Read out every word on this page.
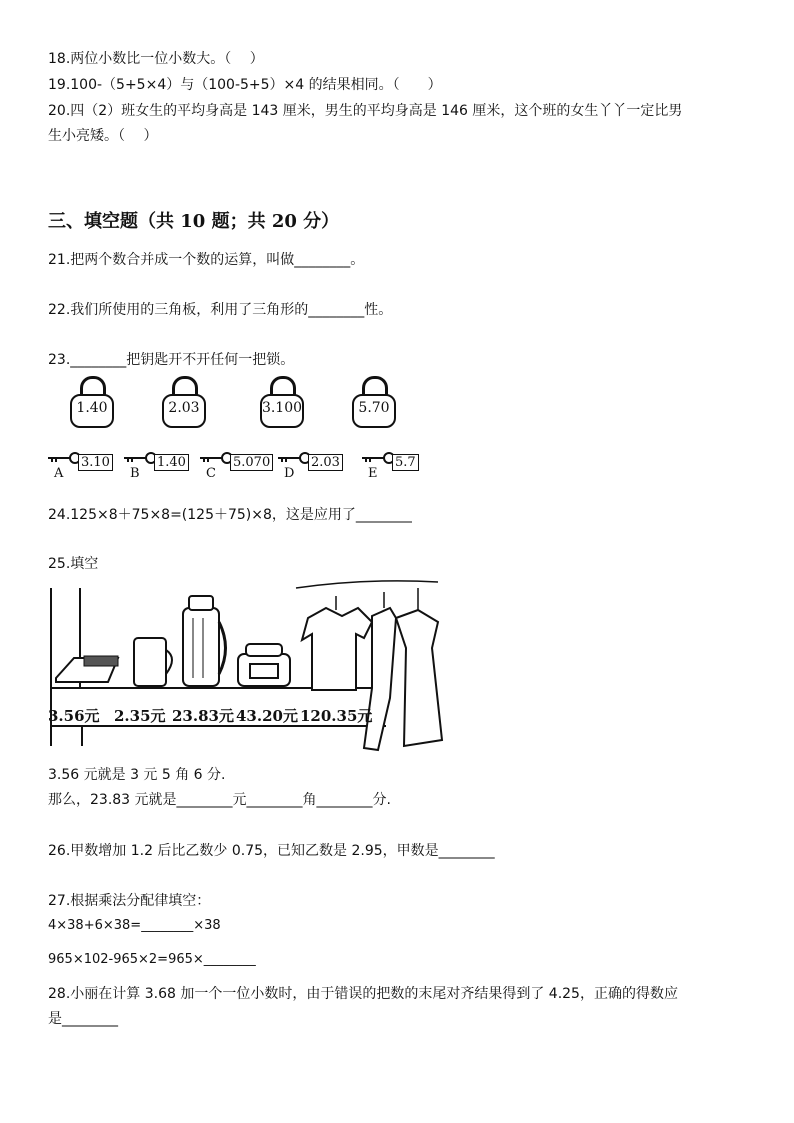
18.两位小数比一位小数大。（　 ）
19.100-（5+5×4）与（100-5+5）×4 的结果相同。（　　）
20.四（2）班女生的平均身高是 143 厘米，男生的平均身高是 146 厘米，这个班的女生丫丫一定比男
生小亮矮。（　 ）
三、填空题（共 10 题；共 20 分）
21.把两个数合并成一个数的运算，叫做________。
22.我们所使用的三角板，利用了三角形的________性。
23.________把钥匙开不开任何一把锁。
1.40	2.03	3.100	5.70
A
3.10
B
1.40
C
5.070
D
2.03
E
5.7
24.125×8＋75×8=(125＋75)×8，这是应用了________
25.填空
3.56元 2.35元 23.83元 43.20元 120.35元
3.56 元就是 3 元 5 角 6 分.
那么，23.83 元就是________元________角________分.
26.甲数增加 1.2 后比乙数少 0.75，已知乙数是 2.95，甲数是________
27.根据乘法分配律填空：
4×38+6×38=________×38
965×102-965×2=965×________
28.小丽在计算 3.68 加一个一位小数时，由于错误的把数的末尾对齐结果得到了 4.25，正确的得数应
是________
